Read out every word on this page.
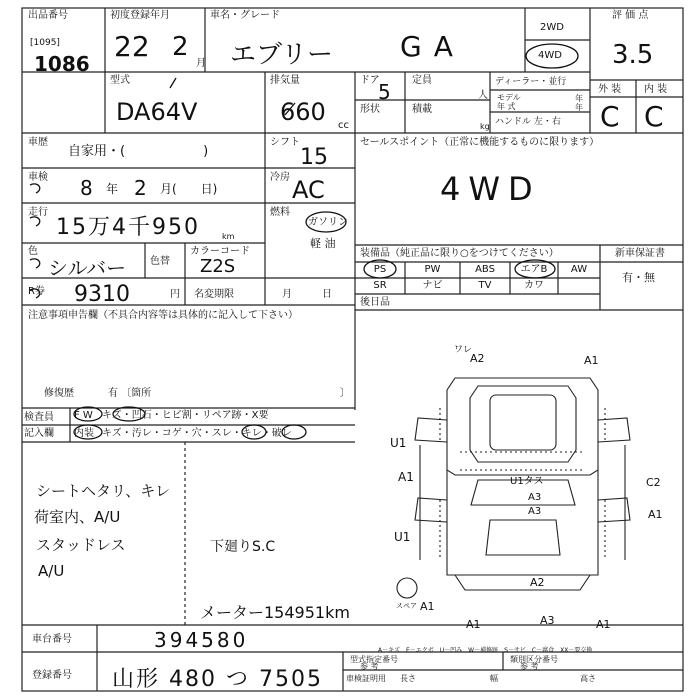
出品番号
[1095]
1086
初度登録年月
22 2
月
車名・グレード
エブリー GA
2WD
4WD
評 価 点
3.5
外 装 内 装
C C
型式
DA64V
排気量
660 cc
ドア
5 定員
人
形状	積載
kg
ディーラー・並行
モデル
年 式
年
年
ハンドル 左・右
車歴
自家用・(　　　　　　)
シフト
15
セールスポイント（正常に機能するものに限ります）
4WD
車検 8 年 2 月(　　日)
冷房 AC
走行
15万4千950	km
燃料
ガソリン
軽 油
色
シルバー 色替
カラーコード
Z2S
R券 9310	円 名変期限	月　　　日
装備品（純正品に限り○をつけてください）	新車保証書
有・無
PS	PW	ABS	エアB	AW
SR	ナビ	TV	カワ
後日品
注意事項申告欄（不具合内容等は具体的に記入して下さい）
修復歴	有 〔箇所	〕
検査員
記入欄
F W キズ・凹石・ヒビ割・リペア跡・X要
内装 キズ・汚レ・コゲ・穴・スレ・キレ・破レ
シートヘタリ、キレ
荷室内、A/U
スタッドレス
A/U
下廻りS.C
メーター154951km
ワレ
A2	A1
U1
A1	U1タス
A3
A3
C2
A1
U1
A2
A1	A3	A1
A1
スペア
A－キズ　E－エクボ　U－凹み　W－補修跡　S－サビ　C－腐食　XX－要交換
車台番号	394580
登録番号 山形 480 つ 7505
型式指定番号
参 考
類別区分番号
参 考
車検証明用 長さ	幅	高さ
